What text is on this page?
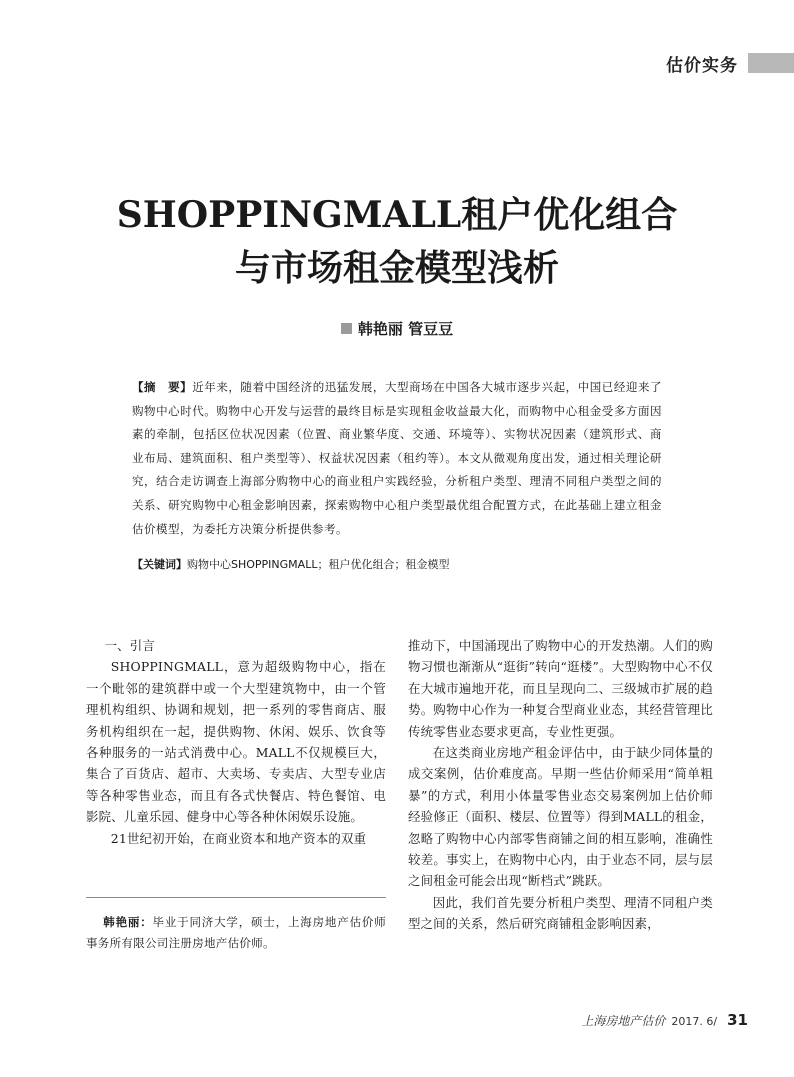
估价实务
SHOPPINGMALL租户优化组合
与市场租金模型浅析
韩艳丽 管豆豆
【摘　要】近年来，随着中国经济的迅猛发展，大型商场在中国各大城市逐步兴起，中国已经迎来了购物中心时代。购物中心开发与运营的最终目标是实现租金收益最大化，而购物中心租金受多方面因素的牵制，包括区位状况因素（位置、商业繁华度、交通、环境等）、实物状况因素（建筑形式、商业布局、建筑面积、租户类型等）、权益状况因素（租约等）。本文从微观角度出发，通过相关理论研究，结合走访调查上海部分购物中心的商业租户实践经验，分析租户类型、理清不同租户类型之间的关系、研究购物中心租金影响因素，探索购物中心租户类型最优组合配置方式，在此基础上建立租金估价模型，为委托方决策分析提供参考。
【关键词】购物中心SHOPPINGMALL；租户优化组合；租金模型
一、引言

SHOPPINGMALL，意为超级购物中心，指在一个毗邻的建筑群中或一个大型建筑物中，由一个管理机构组织、协调和规划，把一系列的零售商店、服务机构组织在一起，提供购物、休闲、娱乐、饮食等各种服务的一站式消费中心。MALL不仅规模巨大，集合了百货店、超市、大卖场、专卖店、大型专业店等各种零售业态，而且有各式快餐店、特色餐馆、电影院、儿童乐园、健身中心等各种休闲娱乐设施。

21世纪初开始，在商业资本和地产资本的双重

推动下，中国涌现出了购物中心的开发热潮。人们的购物习惯也渐渐从“逛街”转向“逛楼”。大型购物中心不仅在大城市遍地开花，而且呈现向二、三级城市扩展的趋势。购物中心作为一种复合型商业业态，其经营管理比传统零售业态要求更高，专业性更强。

在这类商业房地产租金评估中，由于缺少同体量的成交案例，估价难度高。早期一些估价师采用“简单粗暴”的方式，利用小体量零售业态交易案例加上估价师经验修正（面积、楼层、位置等）得到MALL的租金，忽略了购物中心内部零售商铺之间的相互影响，准确性较差。事实上，在购物中心内，由于业态不同，层与层之间租金可能会出现“断档式”跳跃。

因此，我们首先要分析租户类型、理清不同租户类型之间的关系，然后研究商铺租金影响因素，

韩艳丽：毕业于同济大学，硕士，上海房地产估价师事务所有限公司注册房地产估价师。
上海房地产估价 2017. 6/ 31
